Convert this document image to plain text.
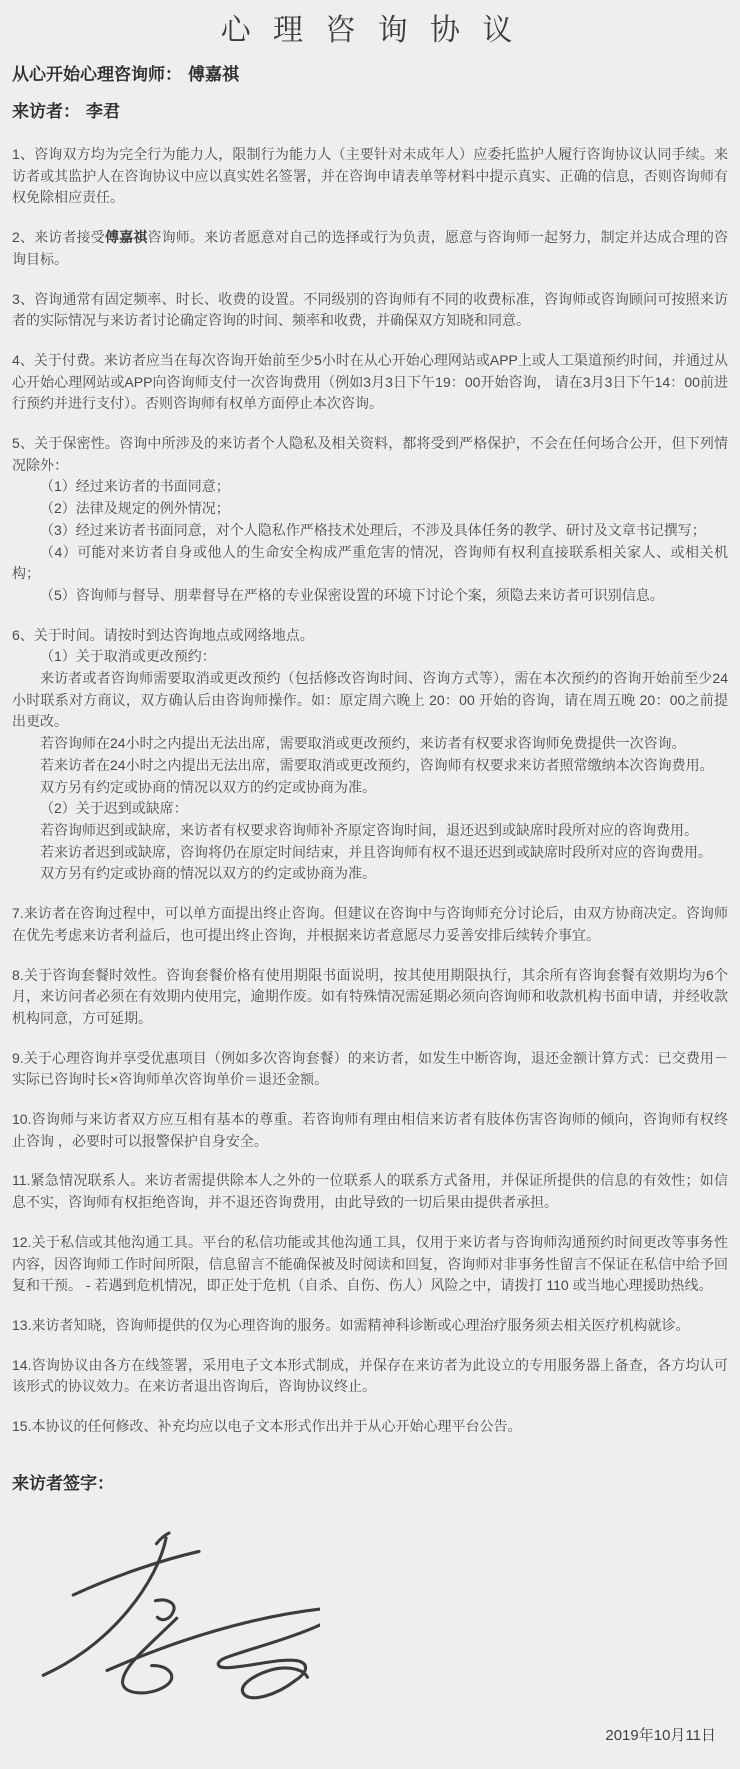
心 理 咨 询 协 议

从心开始心理咨询师： 傅嘉祺

来访者： 李君

1、咨询双方均为完全行为能力人，限制行为能力人（主要针对未成年人）应委托监护人履行咨询协议认同手续。来访者或其监护人在咨询协议中应以真实姓名签署，并在咨询申请表单等材料中提示真实、正确的信息，否则咨询师有权免除相应责任。

2、来访者接受傅嘉祺咨询师。来访者愿意对自己的选择或行为负责，愿意与咨询师一起努力，制定并达成合理的咨询目标。

3、咨询通常有固定频率、时长、收费的设置。不同级别的咨询师有不同的收费标准，咨询师或咨询顾问可按照来访者的实际情况与来访者讨论确定咨询的时间、频率和收费，并确保双方知晓和同意。

4、关于付费。来访者应当在每次咨询开始前至少5小时在从心开始心理网站或APP上或人工渠道预约时间，并通过从心开始心理网站或APP向咨询师支付一次咨询费用（例如3月3日下午19：00开始咨询， 请在3月3日下午14：00前进行预约并进行支付）。否则咨询师有权单方面停止本次咨询。

5、关于保密性。咨询中所涉及的来访者个人隐私及相关资料，都将受到严格保护，不会在任何场合公开，但下列情况除外：

（1）经过来访者的书面同意；

（2）法律及规定的例外情况；

（3）经过来访者书面同意，对个人隐私作严格技术处理后，不涉及具体任务的教学、研讨及文章书记撰写；

（4）可能对来访者自身或他人的生命安全构成严重危害的情况，咨询师有权利直接联系相关家人、或相关机构；

（5）咨询师与督导、朋辈督导在严格的专业保密设置的环境下讨论个案，须隐去来访者可识别信息。

6、关于时间。请按时到达咨询地点或网络地点。

（1）关于取消或更改预约：

来访者或者咨询师需要取消或更改预约（包括修改咨询时间、咨询方式等），需在本次预约的咨询开始前至少24小时联系对方商议，双方确认后由咨询师操作。如：原定周六晚上 20：00 开始的咨询，请在周五晚 20：00之前提出更改。

若咨询师在24小时之内提出无法出席，需要取消或更改预约，来访者有权要求咨询师免费提供一次咨询。

若来访者在24小时之内提出无法出席，需要取消或更改预约，咨询师有权要求来访者照常缴纳本次咨询费用。

双方另有约定或协商的情况以双方的约定或协商为准。

（2）关于迟到或缺席：

若咨询师迟到或缺席，来访者有权要求咨询师补齐原定咨询时间，退还迟到或缺席时段所对应的咨询费用。

若来访者迟到或缺席，咨询将仍在原定时间结束，并且咨询师有权不退还迟到或缺席时段所对应的咨询费用。

双方另有约定或协商的情况以双方的约定或协商为准。

7.来访者在咨询过程中，可以单方面提出终止咨询。但建议在咨询中与咨询师充分讨论后，由双方协商决定。咨询师在优先考虑来访者利益后，也可提出终止咨询，并根据来访者意愿尽力妥善安排后续转介事宜。

8.关于咨询套餐时效性。咨询套餐价格有使用期限书面说明，按其使用期限执行，其余所有咨询套餐有效期均为6个月，来访问者必须在有效期内使用完，逾期作废。如有特殊情况需延期必须向咨询师和收款机构书面申请，并经收款机构同意，方可延期。

9.关于心理咨询并享受优惠项目（例如多次咨询套餐）的来访者，如发生中断咨询，退还金额计算方式：已交费用－实际已咨询时长×咨询师单次咨询单价＝退还金额。

10.咨询师与来访者双方应互相有基本的尊重。若咨询师有理由相信来访者有肢体伤害咨询师的倾向，咨询师有权终止咨询 ，必要时可以报警保护自身安全。

11.紧急情况联系人。来访者需提供除本人之外的一位联系人的联系方式备用，并保证所提供的信息的有效性；如信息不实，咨询师有权拒绝咨询，并不退还咨询费用，由此导致的一切后果由提供者承担。

12.关于私信或其他沟通工具。平台的私信功能或其他沟通工具，仅用于来访者与咨询师沟通预约时间更改等事务性内容，因咨询师工作时间所限，信息留言不能确保被及时阅读和回复，咨询师对非事务性留言不保证在私信中给予回复和干预。 - 若遇到危机情况，即正处于危机（自杀、自伤、伤人）风险之中，请拨打 110 或当地心理援助热线。

13.来访者知晓，咨询师提供的仅为心理咨询的服务。如需精神科诊断或心理治疗服务须去相关医疗机构就诊。

14.咨询协议由各方在线签署，采用电子文本形式制成，并保存在来访者为此设立的专用服务器上备查，各方均认可该形式的协议效力。在来访者退出咨询后，咨询协议终止。

15.本协议的任何修改、补充均应以电子文本形式作出并于从心开始心理平台公告。

来访者签字：

2019年10月11日
